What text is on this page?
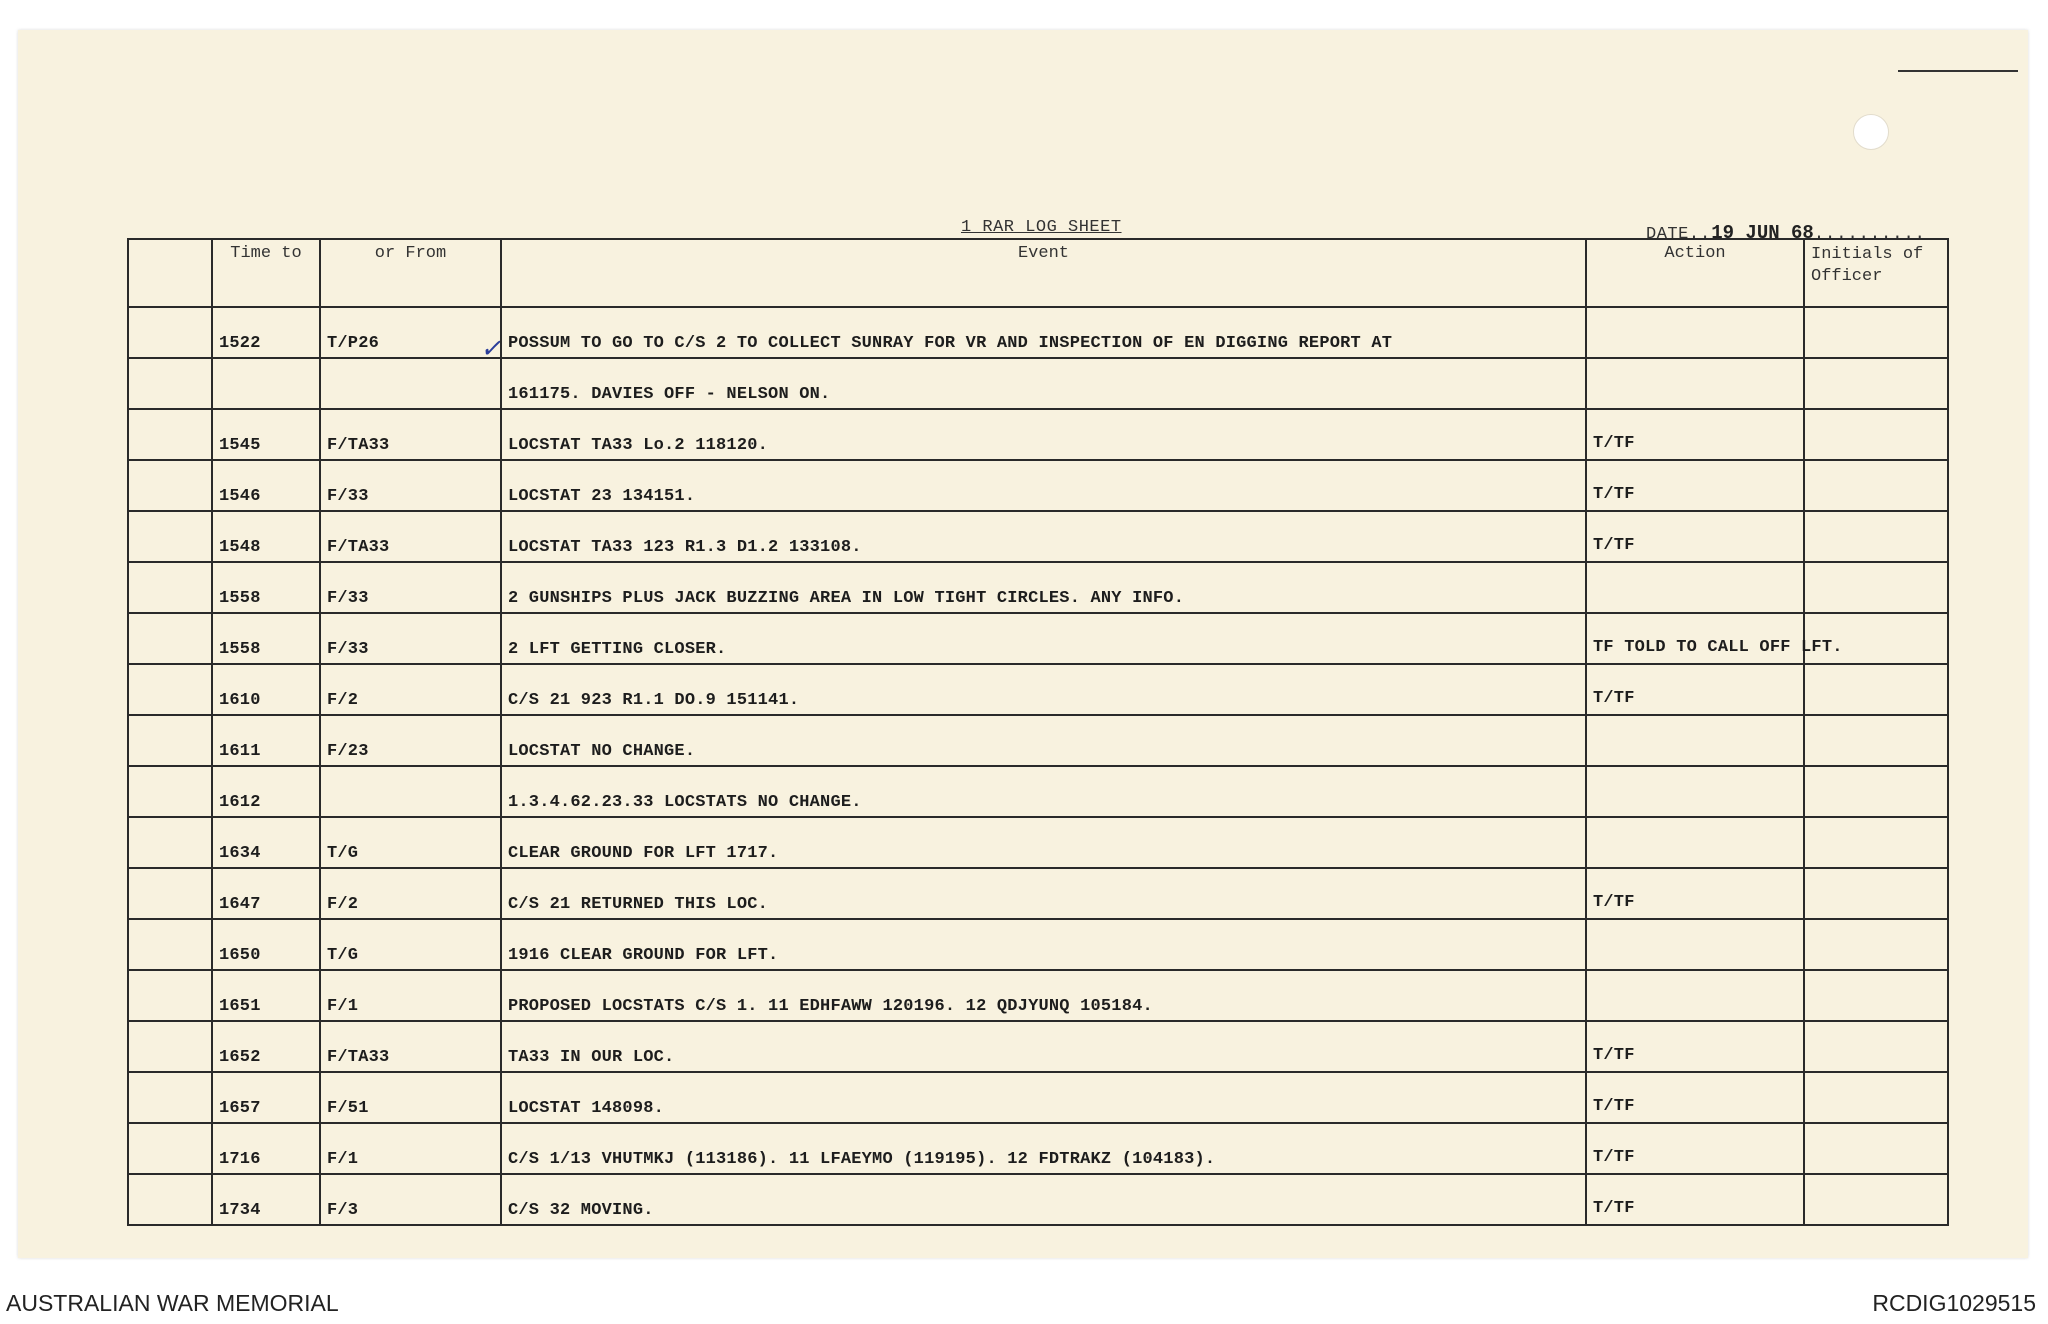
1 RAR LOG SHEET	DATE..19 JUN 68..........
✓
	Time to	or From	Event	Action	Initials of Officer
	1522	T/P26	POSSUM TO GO TO C/S 2 TO COLLECT SUNRAY FOR VR AND INSPECTION OF EN DIGGING REPORT AT		
			161175. DAVIES OFF - NELSON ON.		
	1545	F/TA33	LOCSTAT TA33 Lo.2 118120.	T/TF	
	1546	F/33	LOCSTAT 23 134151.	T/TF	
	1548	F/TA33	LOCSTAT TA33 123 R1.3 D1.2 133108.	T/TF	
	1558	F/33	2 GUNSHIPS PLUS JACK BUZZING AREA IN LOW TIGHT CIRCLES. ANY INFO.		
	1558	F/33	2 LFT GETTING CLOSER.	TF TOLD TO CALL OFF LFT.	
	1610	F/2	C/S 21 923 R1.1 DO.9 151141.	T/TF	
	1611	F/23	LOCSTAT NO CHANGE.		
	1612		1.3.4.62.23.33 LOCSTATS NO CHANGE.		
	1634	T/G	CLEAR GROUND FOR LFT 1717.		
	1647	F/2	C/S 21 RETURNED THIS LOC.	T/TF	
	1650	T/G	1916 CLEAR GROUND FOR LFT.		
	1651	F/1	PROPOSED LOCSTATS C/S 1. 11 EDHFAWW 120196. 12 QDJYUNQ 105184.		
	1652	F/TA33	TA33 IN OUR LOC.	T/TF	
	1657	F/51	LOCSTAT 148098.	T/TF	
	1716	F/1	C/S 1/13 VHUTMKJ (113186). 11 LFAEYMO (119195). 12 FDTRAKZ (104183).	T/TF	
	1734	F/3	C/S 32 MOVING.	T/TF	
AUSTRALIAN WAR MEMORIAL	RCDIG1029515
